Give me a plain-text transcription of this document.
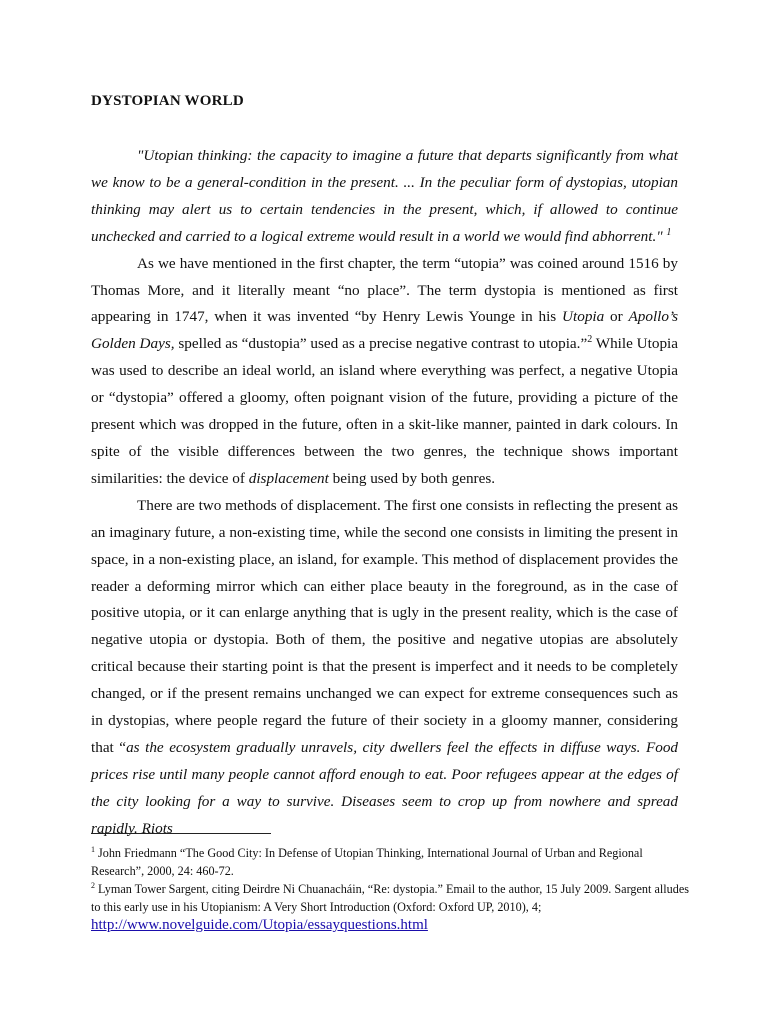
DYSTOPIAN WORLD

"Utopian thinking: the capacity to imagine a future that departs significantly from what we know to be a general-condition in the present. ... In the peculiar form of dystopias, utopian thinking may alert us to certain tendencies in the present, which, if allowed to continue unchecked and carried to a logical extreme would result in a world we would find abhorrent." $^1$

As we have mentioned in the first chapter, the term “utopia” was coined around 1516 by Thomas More, and it literally meant “no place”. The term dystopia is mentioned as first appearing in 1747, when it was invented “by Henry Lewis Younge in his Utopia or Apollo’s Golden Days, spelled as “dustopia” used as a precise negative contrast to utopia.”$^2$ While Utopia was used to describe an ideal world, an island where everything was perfect, a negative Utopia or “dystopia” offered a gloomy, often poignant vision of the future, providing a picture of the present which was dropped in the future, often in a skit-like manner, painted in dark colours. In spite of the visible differences between the two genres, the technique shows important similarities: the device of displacement being used by both genres.

There are two methods of displacement. The first one consists in reflecting the present as an imaginary future, a non-existing time, while the second one consists in limiting the present in space, in a non-existing place, an island, for example. This method of displacement provides the reader a deforming mirror which can either place beauty in the foreground, as in the case of positive utopia, or it can enlarge anything that is ugly in the present reality, which is the case of negative utopia or dystopia. Both of them, the positive and negative utopias are absolutely critical because their starting point is that the present is imperfect and it needs to be completely changed, or if the present remains unchanged we can expect for extreme consequences such as in dystopias, where people regard the future of their society in a gloomy manner, considering that “as the ecosystem gradually unravels, city dwellers feel the effects in diffuse ways. Food prices rise until many people cannot afford enough to eat. Poor refugees appear at the edges of the city looking for a way to survive. Diseases seem to crop up from nowhere and spread rapidly. Riots

$^1$ John Friedmann “The Good City: In Defense of Utopian Thinking, International Journal of Urban and Regional Research”, 2000, 24: 460-72.

$^2$ Lyman Tower Sargent, citing Deirdre Ni Chuanacháin, “Re: dystopia.” Email to the author, 15 July 2009. Sargent alludes to this early use in his Utopianism: A Very Short Introduction (Oxford: Oxford UP, 2010), 4;
http://www.novelguide.com/Utopia/essayquestions.html
